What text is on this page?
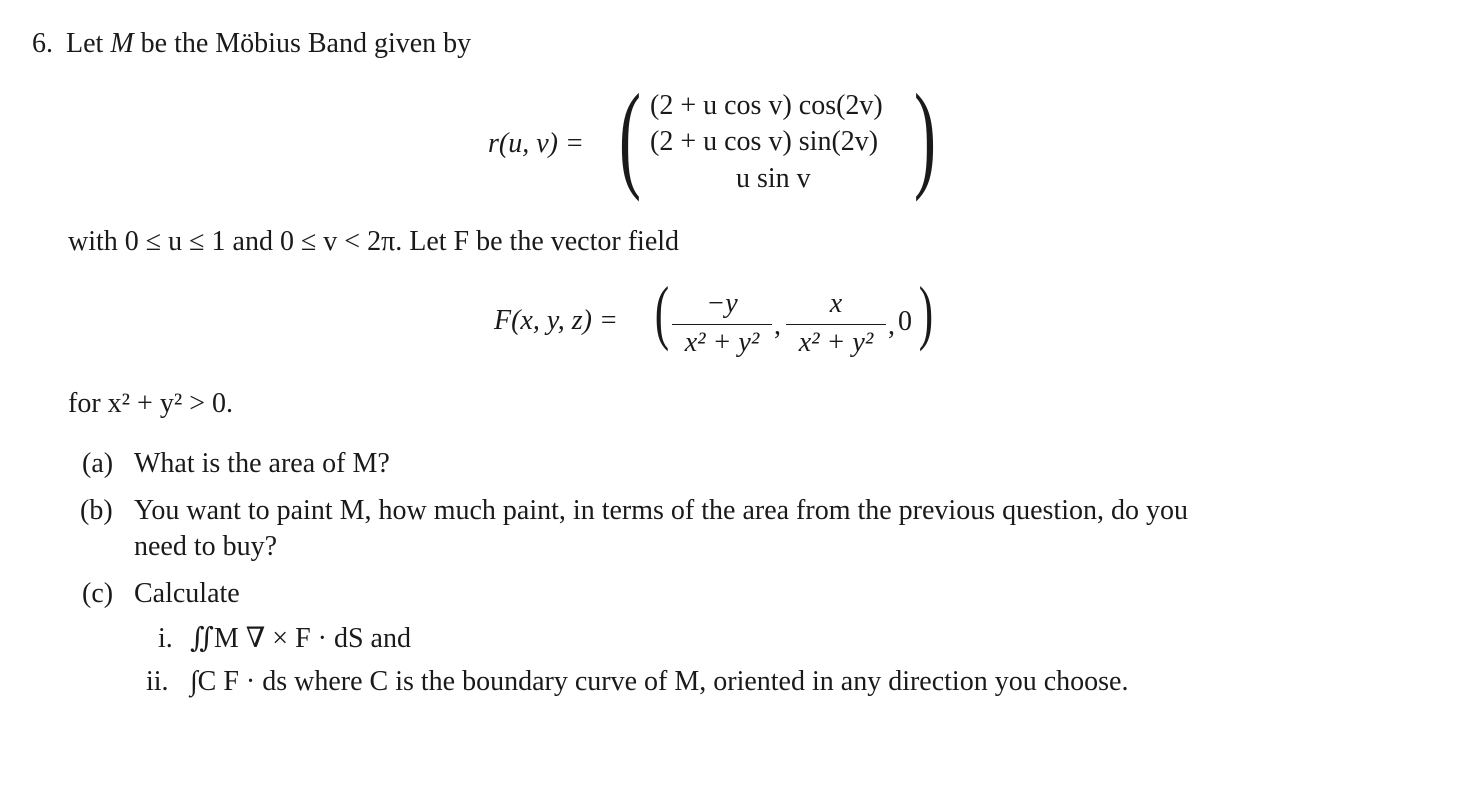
6. Let M be the Möbius Band given by
r(u, v) = ( (2 + u cos v) cos(2v)
(2 + u cos v) sin(2v)
u sin v )
with 0 ≤ u ≤ 1 and 0 ≤ v < 2π. Let F be the vector field
F(x, y, z) = ( $\frac{-y}{\text{x² + y²}}$ , $\frac{x}{\text{x² + y²}}$ , 0 )
for x² + y² > 0.
(a) What is the area of M?
(b) You want to paint M, how much paint, in terms of the area from the previous question, do you
need to buy?
(c) Calculate
i. ∬M ∇ × F · dS and
ii. ∫C F · ds where C is the boundary curve of M, oriented in any direction you choose.
